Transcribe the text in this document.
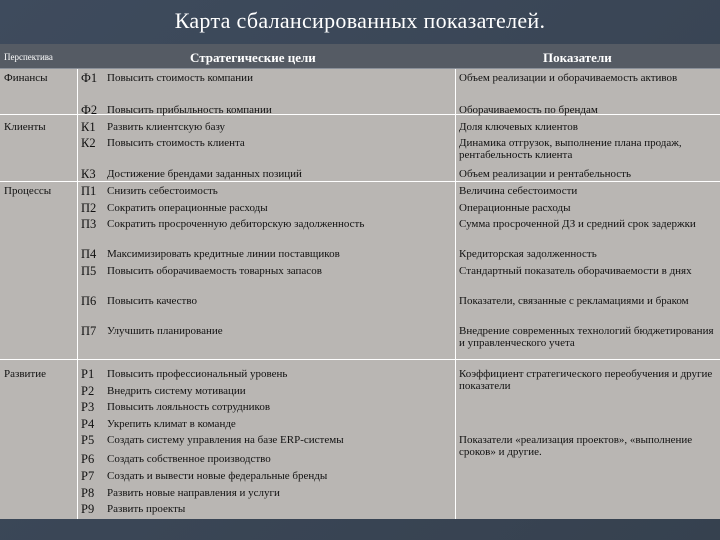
Карта сбалансированных показателей.
Перспектива	Стратегические цели	Показатели
Финансы	Ф1 Повысить стоимость компании	Объем реализации и оборачиваемость активов
Ф2 Повысить прибыльность компании	Оборачиваемость по брендам
Клиенты	К1	Развить клиентскую базу	Доля ключевых клиентов
К2	Повысить стоимость клиента	Динамика отгрузок, выполнение плана продаж, рентабельность клиента
К3	Достижение брендами заданных позиций	Объем реализации и рентабельность
Процессы	П1 Снизить себестоимость	Величина себестоимости
П2 Сократить операционные расходы	Операционные расходы
П3 Сократить просроченную дебиторскую задолженность	Сумма просроченной ДЗ и средний срок задержки
П4 Максимизировать кредитные линии поставщиков	Кредиторская задолженность
П5 Повысить оборачиваемость товарных запасов	Стандартный показатель оборачиваемости в днях
П6 Повысить качество	Показатели, связанные с рекламациями и браком
П7 Улучшить планирование	Внедрение современных технологий бюджетирования и управленческого учета
Развитие	Р1	Повысить профессиональный уровень	Коэффициент стратегического переобучения и другие показатели
Р2	Внедрить систему мотивации
Р3	Повысить лояльность сотрудников
Р4	Укрепить климат в команде
Р5	Создать систему управления на базе ERP-системы	Показатели «реализация проектов», «выполнение сроков» и другие.
Р6	Создать собственное производство
Р7	Создать и вывести новые федеральные бренды
Р8	Развить новые направления и услуги
Р9	Развить проекты
